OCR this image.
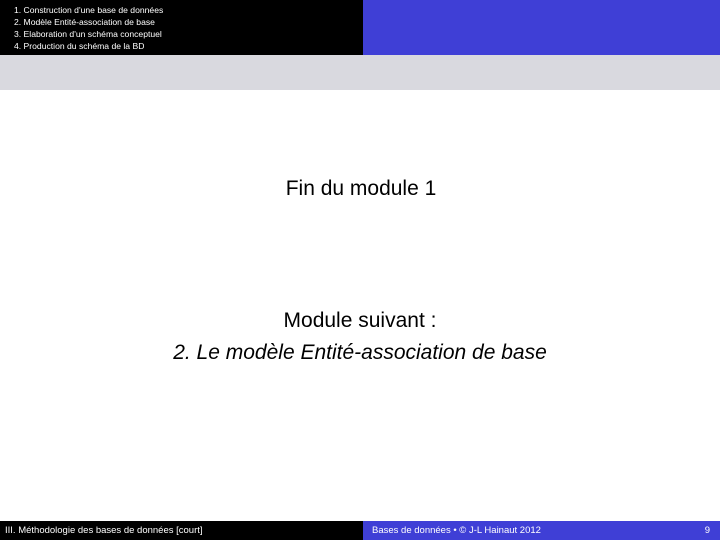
1. Construction d'une base de données
2. Modèle Entité-association de base
3. Elaboration d'un schéma conceptuel
4. Production du schéma de la BD
Fin du module 1
Module suivant :
2. Le modèle Entité-association de base
III. Méthodologie des bases de données [court]	Bases de données • © J-L Hainaut 2012	9
